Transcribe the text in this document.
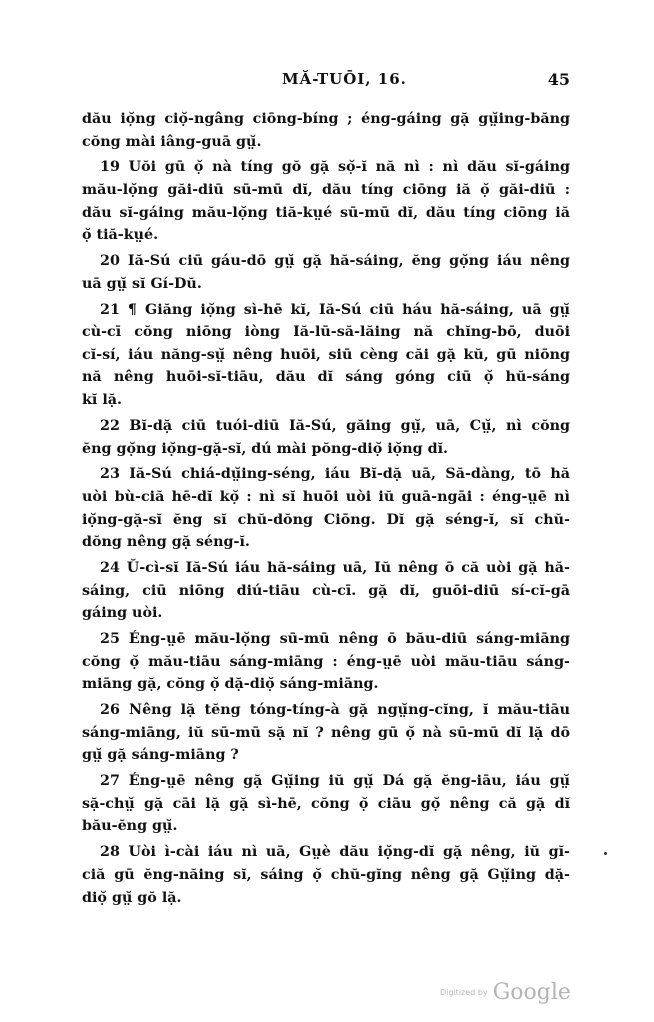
MĂ-TUŌI, 16.	45
dău iọ̆ng ciọ̆-ngâng ciōng-bíng ; éng-gáing gặ gṳ̆ing-băng
cŏng mài iâng-guā gṳ̆.
19 Uŏi gū ọ̆ nà tíng gŏ gặ sọ̆-ĭ nă nì : nì dău sĭ-gáing
mău-lọ̆ng găi-diū sū-mū dĭ, dău tíng ciōng iă ọ̆ găi-diū :
dău sĭ-gáing mău-lọ̆ng tiă-kṳé sū-mū dĭ, dău tíng ciōng iă
ọ̆ tiă-kṳé.
20 Iă-Sú ciū gáu-dō gṳ̆ gặ hă-sáing, ĕng gọ̆ng iáu nêng
uā gṳ̆ sĭ Gí-Dŭ.
21 ¶ Giăng iọ̆ng sì-hē kĭ, Iă-Sú ciū háu hă-sáing, uā gṳ̆
cù-cī cŏng niōng iòng Iă-lū-să-lăing nă chĭng-bō, duōi
cĭ-sí, iáu năng-sṳ̆ nêng huōi, siū cèng căi gặ kŭ, gū niōng
nă nêng huōi-sĭ-tiāu, dău dĭ sáng góng ciū ọ̆ hŭ-sáng
kĭ lặ.
22 Bĭ-dặ ciū tuói-diū Iă-Sú, găing gṳ̆, uā, Cṳ̆, nì cŏng
ĕng gọ̆ng iọ̆ng-gặ-sĭ, dú mài pŏng-diọ̆ iọ̆ng dĭ.
23 Iă-Sú chiá-dṳ̆ing-séng, iáu Bĭ-dặ uā, Să-dàng, tō hă
uòi bù-ciă hē-dĭ kọ̆ : nì sĭ huōi uòi iŭ guā-ngāi : éng-ṳē nì
iọ̆ng-gặ-sĭ ĕng sĭ chŭ-dŏng Ciōng. Dĭ gặ séng-ĭ, sĭ chŭ-
dŏng nêng gặ séng-ĭ.
24 Ŭ-cì-sĭ Iă-Sú iáu hă-sáing uā, Iŭ nêng ō că uòi gặ hă-
sáing, ciū niōng diú-tiāu cù-cī. gặ dĭ, guōi-diū sí-cĭ-gā
gáing uòi.
25 Éng-ṳē mău-lọ̆ng sū-mū nêng ō bău-diū sáng-miāng
cŏng ọ̆ mău-tiāu sáng-miāng : éng-ṳē uòi mău-tiāu sáng-
miāng gặ, cŏng ọ̆ dặ-diọ̆ sáng-miāng.
26 Nêng lặ tĕng tóng-tíng-à gặ ngṳ̆ng-cĭng, ĭ mău-tiāu
sáng-miāng, iŭ sū-mū sặ nĭ ? nêng gū ọ̆ nà sū-mū dĭ lặ dō
gṳ̆ gặ sáng-miāng ?
27 Éng-ṳē nêng gặ Gṳ̆ing iŭ gṳ̆ Dá gặ ĕng-iāu, iáu gṳ̆
sặ-chṳ̆ gặ cāi lặ gặ sì-hē, cŏng ọ̆ ciāu gọ̆ nêng că gặ dĭ
bău-ĕng gṳ̆.
28 Uòi ì-cài iáu nì uā, Gṳè dău iọ̆ng-dĭ gặ nêng, iŭ gĭ-
ciă gū ĕng-năing sĭ, sáing ọ̆ chŭ-gĭng nêng gặ Gṳ̆ing dặ-
diọ̆ gṳ̆ gŏ lặ.
Digitized by Google
